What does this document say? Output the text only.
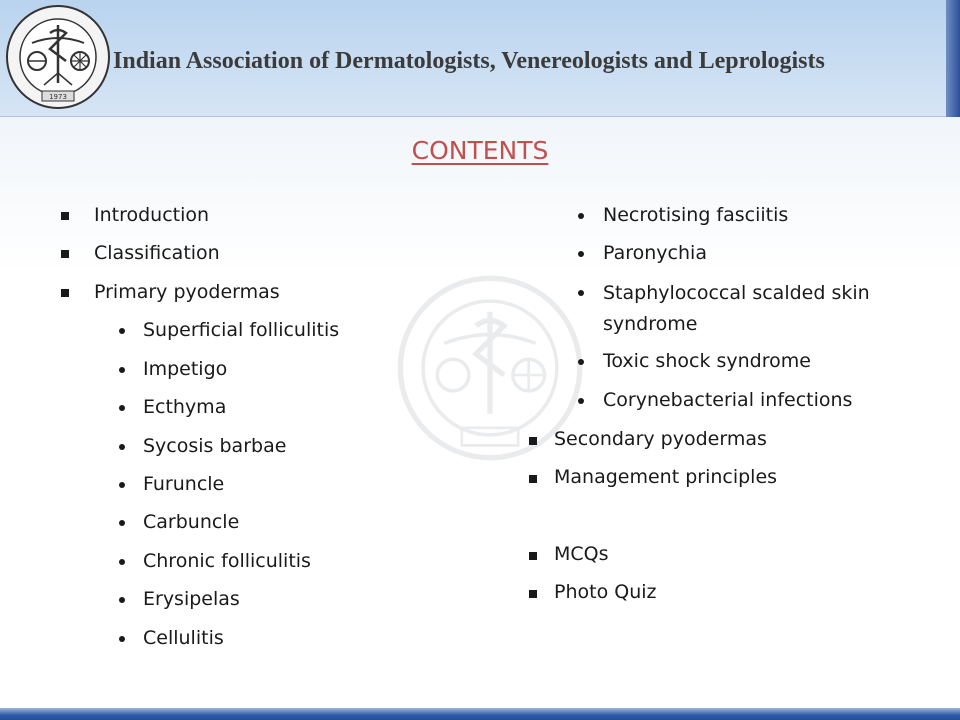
1973
Indian Association of Dermatologists, Venereologists and Leprologists
CONTENTS
Introduction
Classification
Primary pyodermas
Superficial folliculitis
Impetigo
Ecthyma
Sycosis barbae
Furuncle
Carbuncle
Chronic folliculitis
Erysipelas
Cellulitis
Necrotising fasciitis
Paronychia
Staphylococcal scalded skin syndrome
Toxic shock syndrome
Corynebacterial infections
Secondary pyodermas
Management principles
MCQs
Photo Quiz
